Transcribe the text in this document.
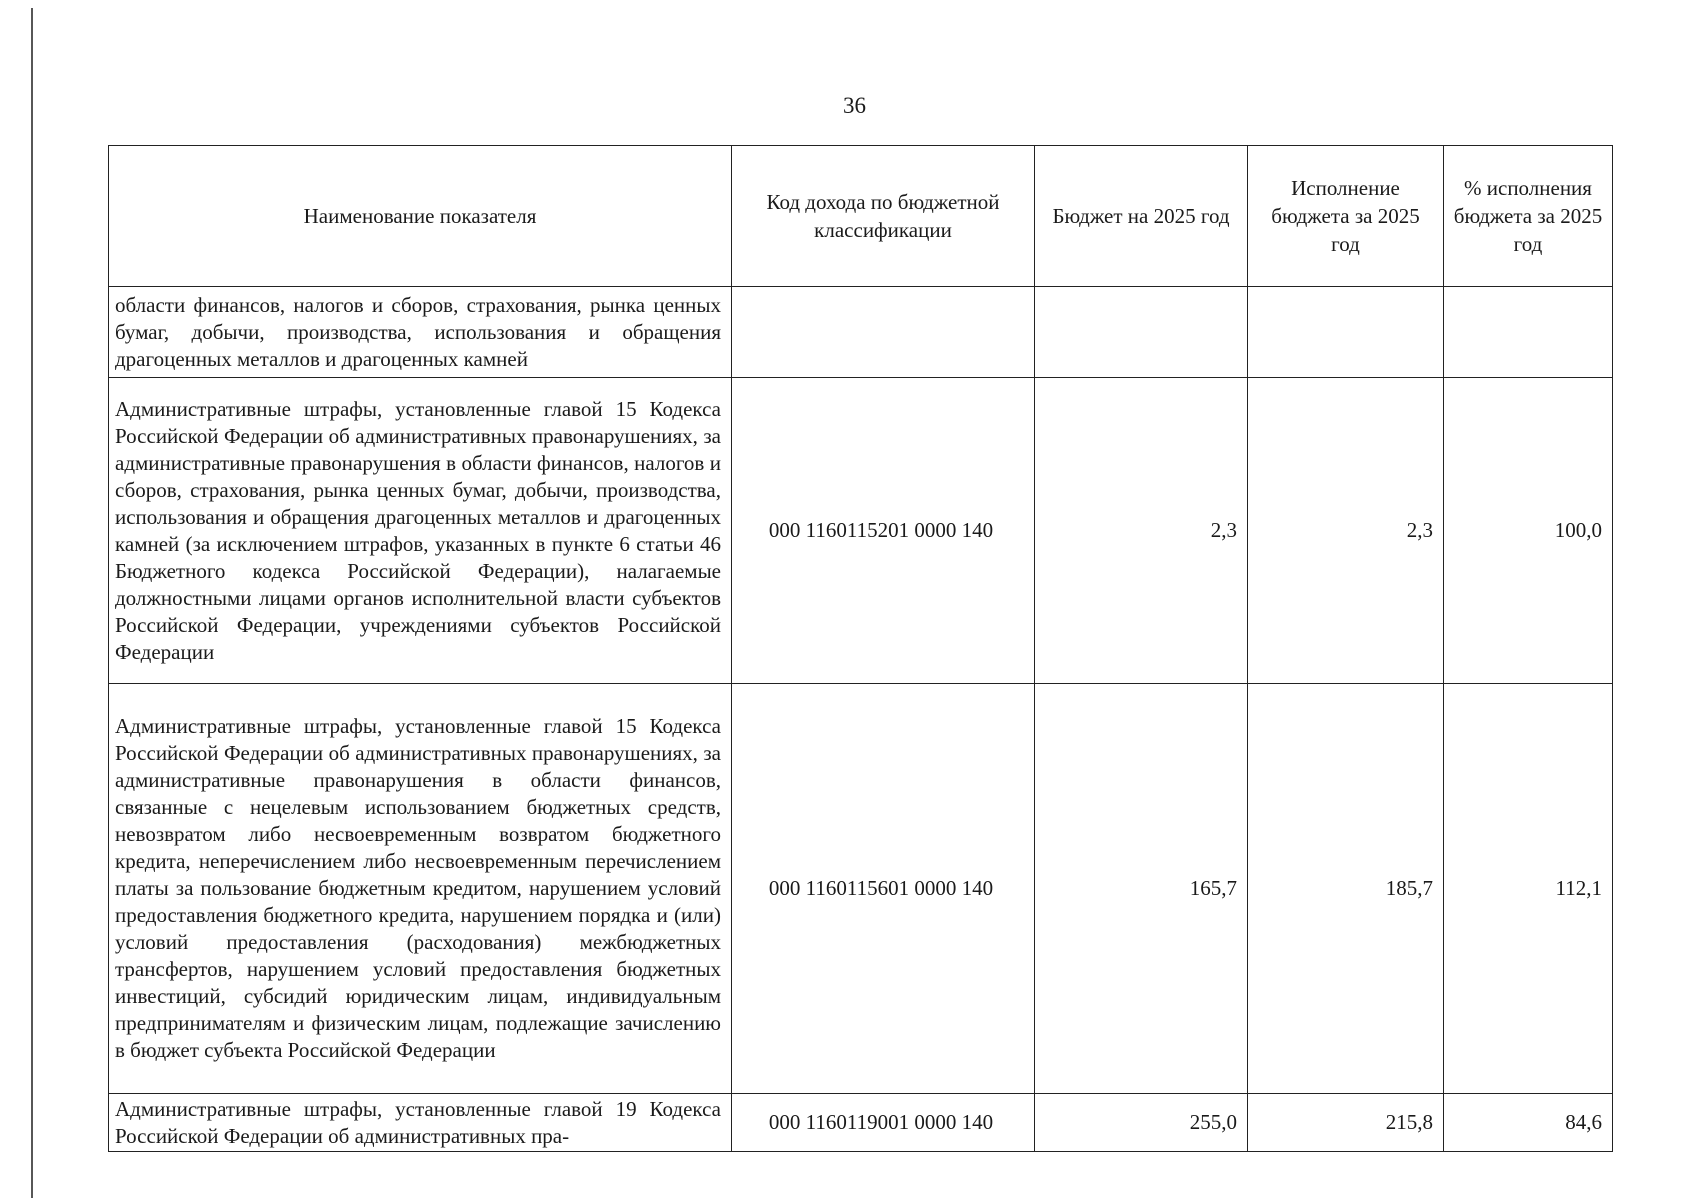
36
Наименование показателя	Код дохода по бюджетной классификации	Бюджет на 2025 год	Исполнение бюджета за 2025 год	% исполнения бюджета за 2025 год
области финансов, налогов и сборов, страхования, рынка ценных бумаг, добычи, производства, использования и обращения драгоценных металлов и драгоценных камней				
Административные штрафы, установленные главой 15 Кодекса Российской Федерации об административных правонарушениях, за административные правонарушения в области финансов, налогов и сборов, страхования, рынка ценных бумаг, добычи, производства, использования и обращения драгоценных металлов и драгоценных камней (за исключением штрафов, указанных в пункте 6 статьи 46 Бюджетного кодекса Российской Федерации), налагаемые должностными лицами органов исполнительной власти субъектов Российской Федерации, учреждениями субъектов Российской Федерации	000 1160115201 0000 140	2,3	2,3	100,0
Административные штрафы, установленные главой 15 Кодекса Российской Федерации об административных правонарушениях, за административные правонарушения в области финансов, связанные с нецелевым использованием бюджетных средств, невозвратом либо несвоевременным возвратом бюджетного кредита, неперечислением либо несвоевременным перечислением платы за пользование бюджетным кредитом, нарушением условий предоставления бюджетного кредита, нарушением порядка и (или) условий предоставления (расходования) межбюджетных трансфертов, нарушением условий предоставления бюджетных инвестиций, субсидий юридическим лицам, индивидуальным предпринимателям и физическим лицам, подлежащие зачислению в бюджет субъекта Российской Федерации	000 1160115601 0000 140	165,7	185,7	112,1
Административные штрафы, установленные главой 19 Кодекса Российской Федерации об административных пра-	000 1160119001 0000 140	255,0	215,8	84,6
